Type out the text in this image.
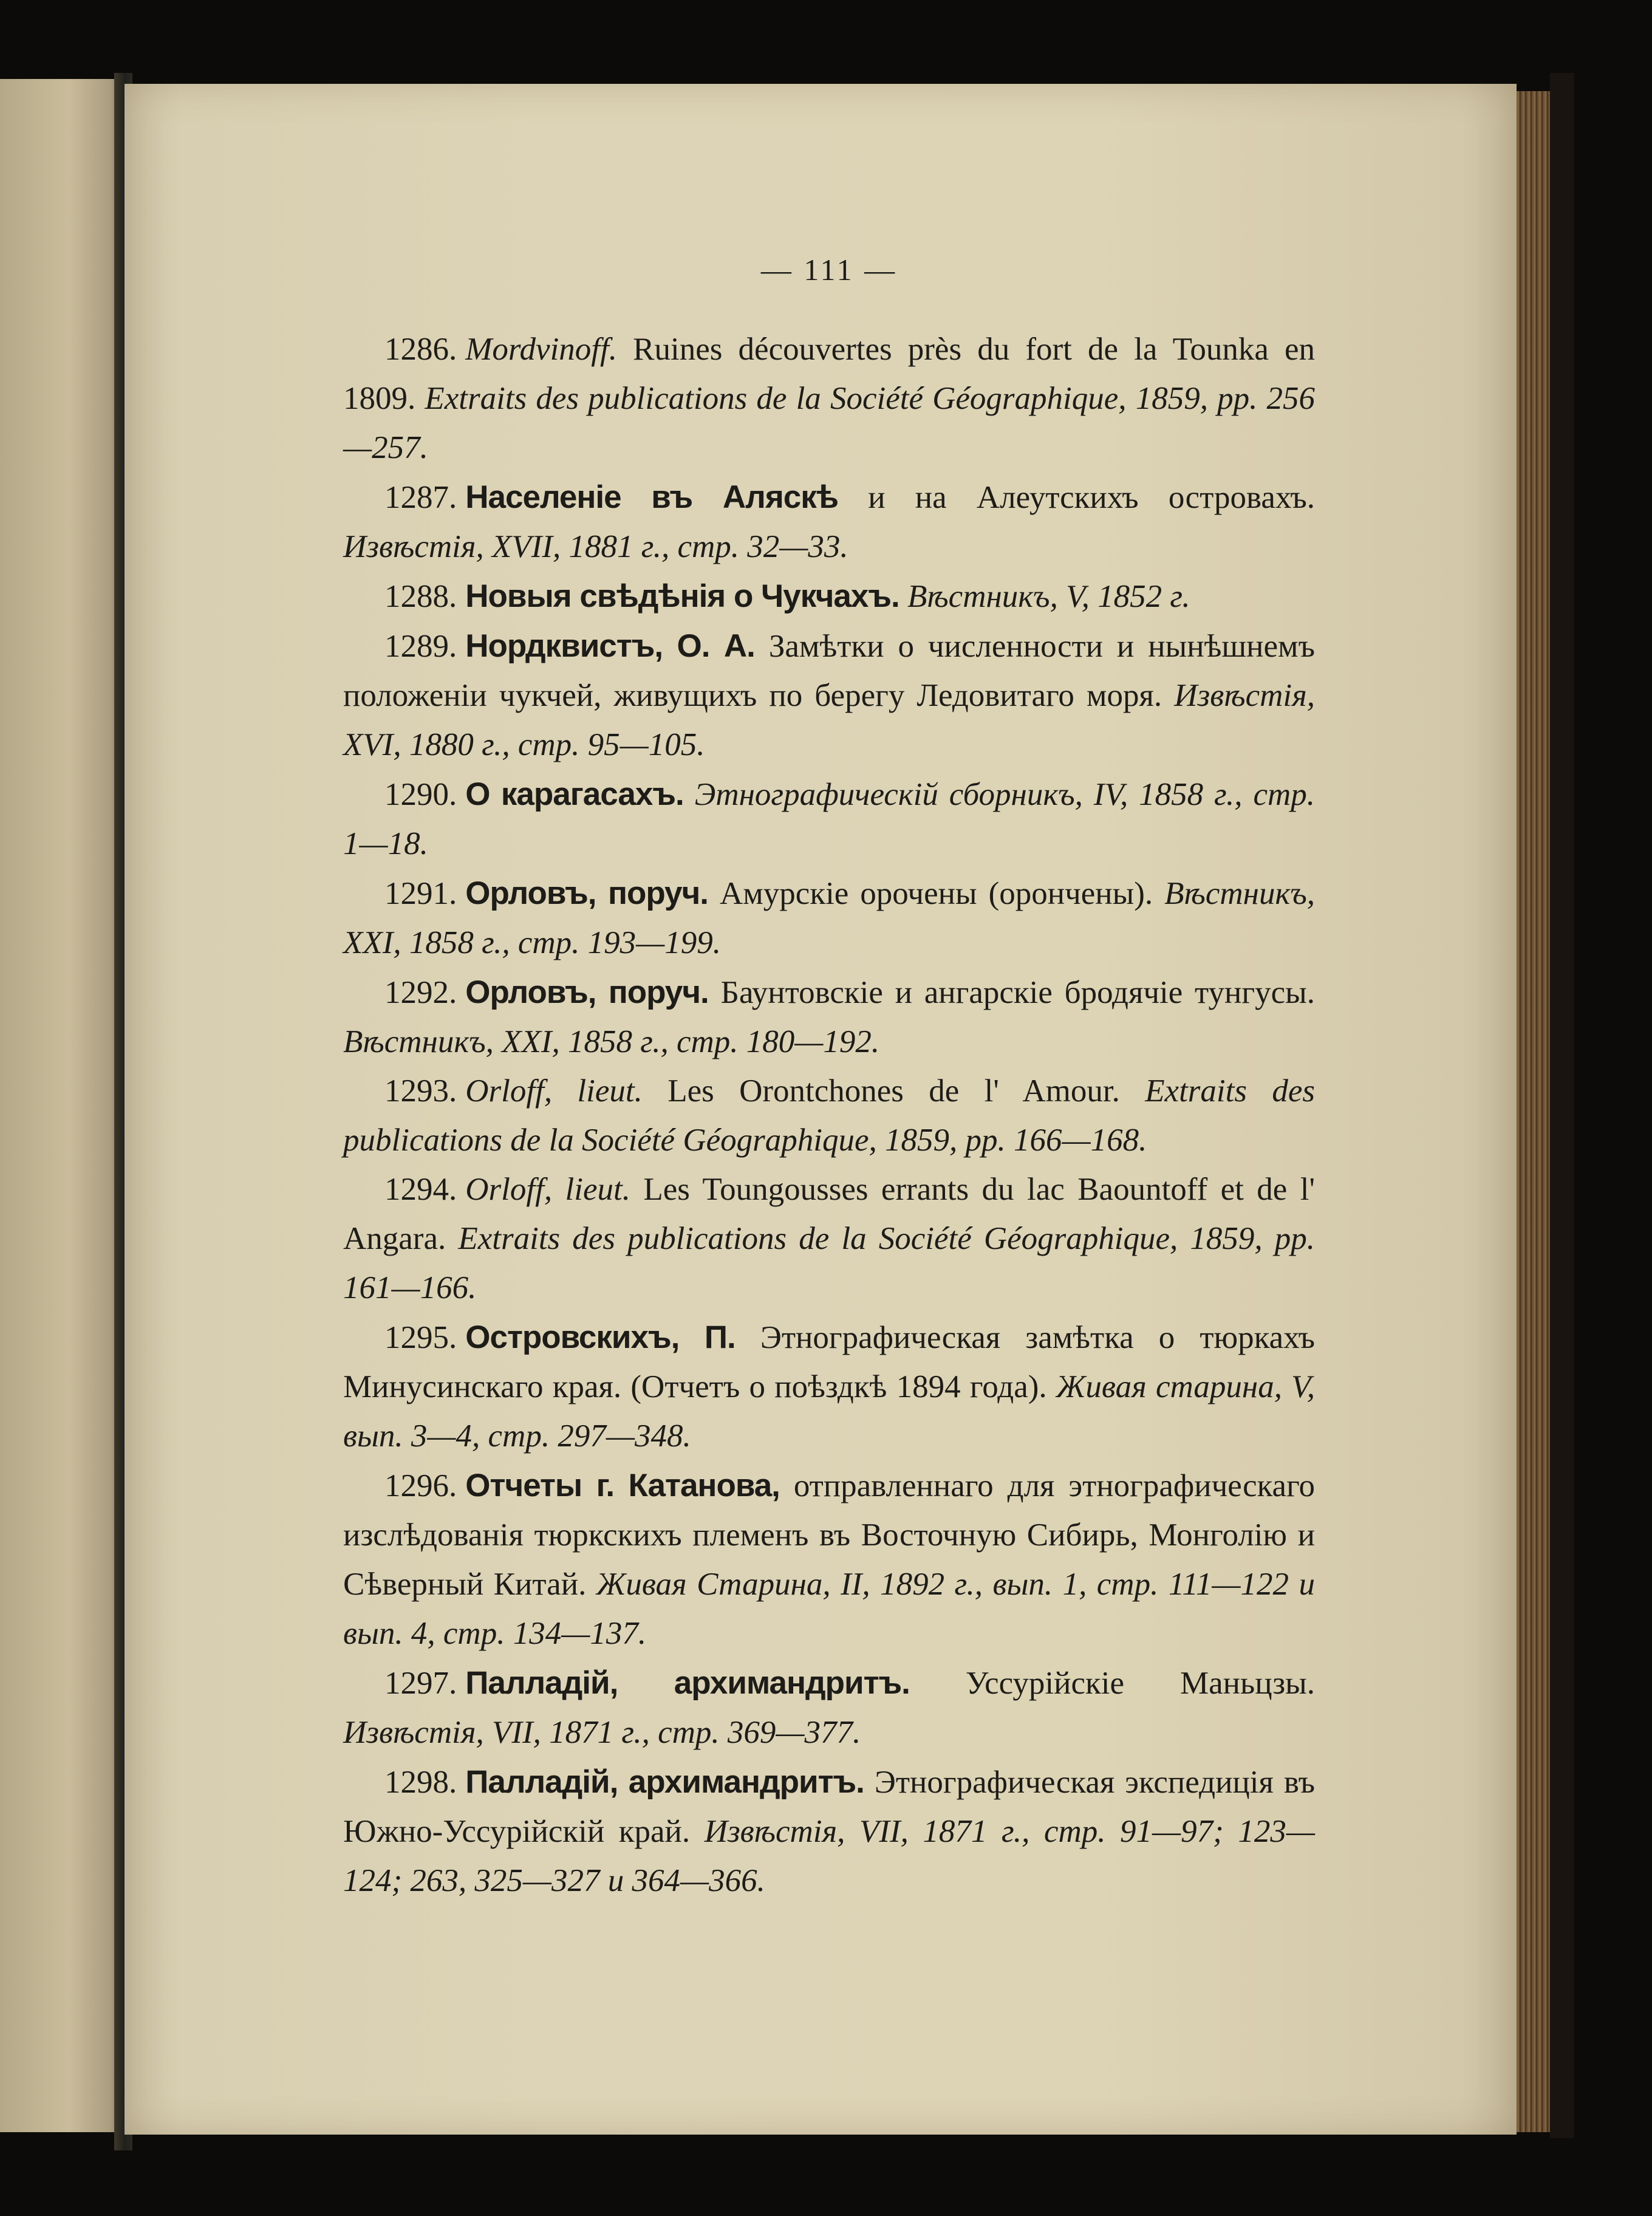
— 111 —

1286. Mordvinoff. Ruines découvertes près du fort de la Tounka en 1809. Extraits des publications de la Société Géographique, 1859, pp. 256—257.

1287. Населеніе въ Аляскѣ и на Алеутскихъ островахъ. Извѣстія, XVII, 1881 г., стр. 32—33.

1288. Новыя свѣдѣнія о Чукчахъ. Вѣстникъ, V, 1852 г.

1289. Нордквистъ, О. А. Замѣтки о численности и нынѣшнемъ положеніи чукчей, живущихъ по берегу Ледовитаго моря. Извѣстія, XVI, 1880 г., стр. 95—105.

1290. О карагасахъ. Этнографическій сборникъ, IV, 1858 г., стр. 1—18.

1291. Орловъ, поруч. Амурскіе орочены (орончены). Вѣстникъ, XXI, 1858 г., стр. 193—199.

1292. Орловъ, поруч. Баунтовскіе и ангарскіе бродячіе тунгусы. Вѣстникъ, XXI, 1858 г., стр. 180—192.

1293. Orloff, lieut. Les Orontchones de l' Amour. Extraits des publications de la Société Géographique, 1859, pp. 166—168.

1294. Orloff, lieut. Les Toungousses errants du lac Baountoff et de l' Angara. Extraits des publications de la Société Géographique, 1859, pp. 161—166.

1295. Островскихъ, П. Этнографическая замѣтка о тюркахъ Минусинскаго края. (Отчетъ о поѣздкѣ 1894 года). Живая старина, V, вып. 3—4, стр. 297—348.

1296. Отчеты г. Катанова, отправленнаго для этнографическаго изслѣдованія тюркскихъ племенъ въ Восточную Сибирь, Монголію и Сѣверный Китай. Живая Старина, II, 1892 г., вып. 1, стр. 111—122 и вып. 4, стр. 134—137.

1297. Палладій, архимандритъ. Уссурійскіе Маньцзы. Извѣстія, VII, 1871 г., стр. 369—377.

1298. Палладій, архимандритъ. Этнографическая экспедиція въ Южно-Уссурійскій край. Извѣстія, VII, 1871 г., стр. 91—97; 123—124; 263, 325—327 и 364—366.
